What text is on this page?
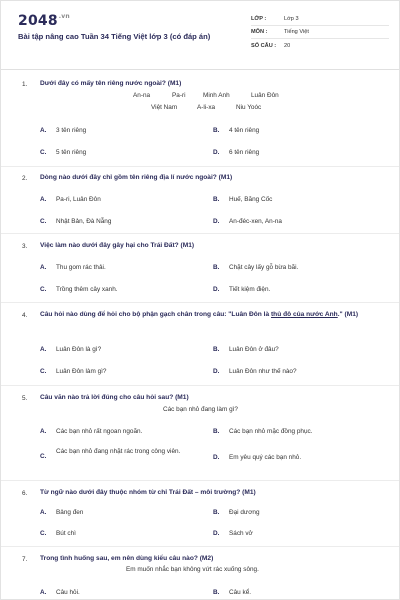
$2048^{.vn}$
Bài tập nâng cao Tuần 34 Tiếng Việt lớp 3 (có đáp án)
LỚP :	Lớp 3
MÔN :	Tiếng Việt
SỐ CÂU :	20
1. Dưới đây có mấy tên riêng nước ngoài? (M1)
An-na	Pa-ri	Minh Anh	Luân Đôn
Việt Nam	A-li-xa	Niu Yoóc
A. 3 tên riêng	B. 4 tên riêng
C. 5 tên riêng	D. 6 tên riêng
2. Dòng nào dưới đây chỉ gồm tên riêng địa lí nước ngoài? (M1)
A. Pa-ri, Luân Đôn	B. Huế, Băng Cốc
C. Nhật Bản, Đà Nẵng	D. An-đéc-xen, An-na
3. Việc làm nào dưới đây gây hại cho Trái Đất? (M1)
A. Thu gom rác thải.	B. Chặt cây lấy gỗ bừa bãi.
C. Trồng thêm cây xanh.	D. Tiết kiệm điện.
4. Câu hỏi nào dùng để hỏi cho bộ phận gạch chân trong câu: "Luân Đôn là thủ đô của nước Anh." (M1)
A. Luân Đôn là gì?	B. Luân Đôn ở đâu?
C. Luân Đôn làm gì?	D. Luân Đôn như thế nào?
5. Câu văn nào trả lời đúng cho câu hỏi sau? (M1)
Các bạn nhỏ đang làm gì?
A. Các bạn nhỏ rất ngoan ngoãn.	B. Các bạn nhỏ mặc đồng phục.
C.Các bạn nhỏ đang nhặt rác trong công viên.
D. Em yêu quý các bạn nhỏ.
6. Từ ngữ nào dưới đây thuộc nhóm từ chỉ Trái Đất – môi trường? (M1)
A. Bảng đen	B. Đại dương
C. Bút chì	D. Sách vở
7. Trong tình huống sau, em nên dùng kiểu câu nào? (M2)
Em muốn nhắc bạn không vứt rác xuống sông.
A. Câu hỏi.	B. Câu kể.
